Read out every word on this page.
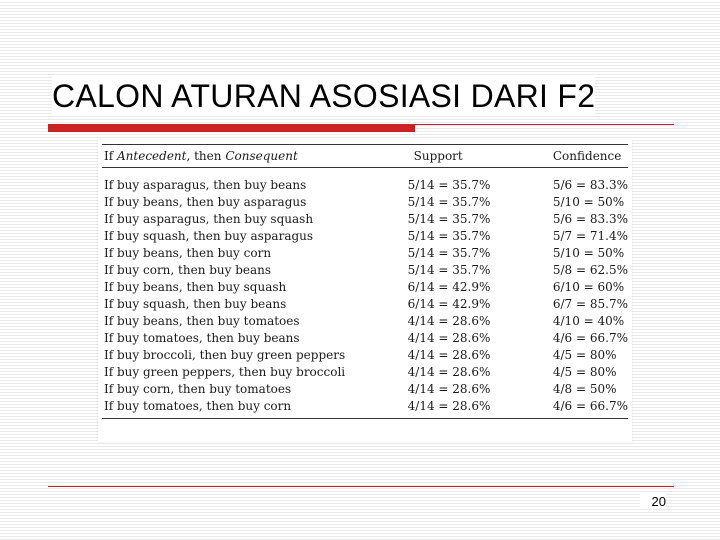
CALON ATURAN ASOSIASI DARI F2
If Antecedent, then Consequent	Support	Confidence
If buy asparagus, then buy beans	5/14 = 35.7%	5/6 = 83.3%
If buy beans, then buy asparagus	5/14 = 35.7%	5/10 = 50%
If buy asparagus, then buy squash	5/14 = 35.7%	5/6 = 83.3%
If buy squash, then buy asparagus	5/14 = 35.7%	5/7 = 71.4%
If buy beans, then buy corn	5/14 = 35.7%	5/10 = 50%
If buy corn, then buy beans	5/14 = 35.7%	5/8 = 62.5%
If buy beans, then buy squash	6/14 = 42.9%	6/10 = 60%
If buy squash, then buy beans	6/14 = 42.9%	6/7 = 85.7%
If buy beans, then buy tomatoes	4/14 = 28.6%	4/10 = 40%
If buy tomatoes, then buy beans	4/14 = 28.6%	4/6 = 66.7%
If buy broccoli, then buy green peppers	4/14 = 28.6%	4/5 = 80%
If buy green peppers, then buy broccoli	4/14 = 28.6%	4/5 = 80%
If buy corn, then buy tomatoes	4/14 = 28.6%	4/8 = 50%
If buy tomatoes, then buy corn	4/14 = 28.6%	4/6 = 66.7%
20
